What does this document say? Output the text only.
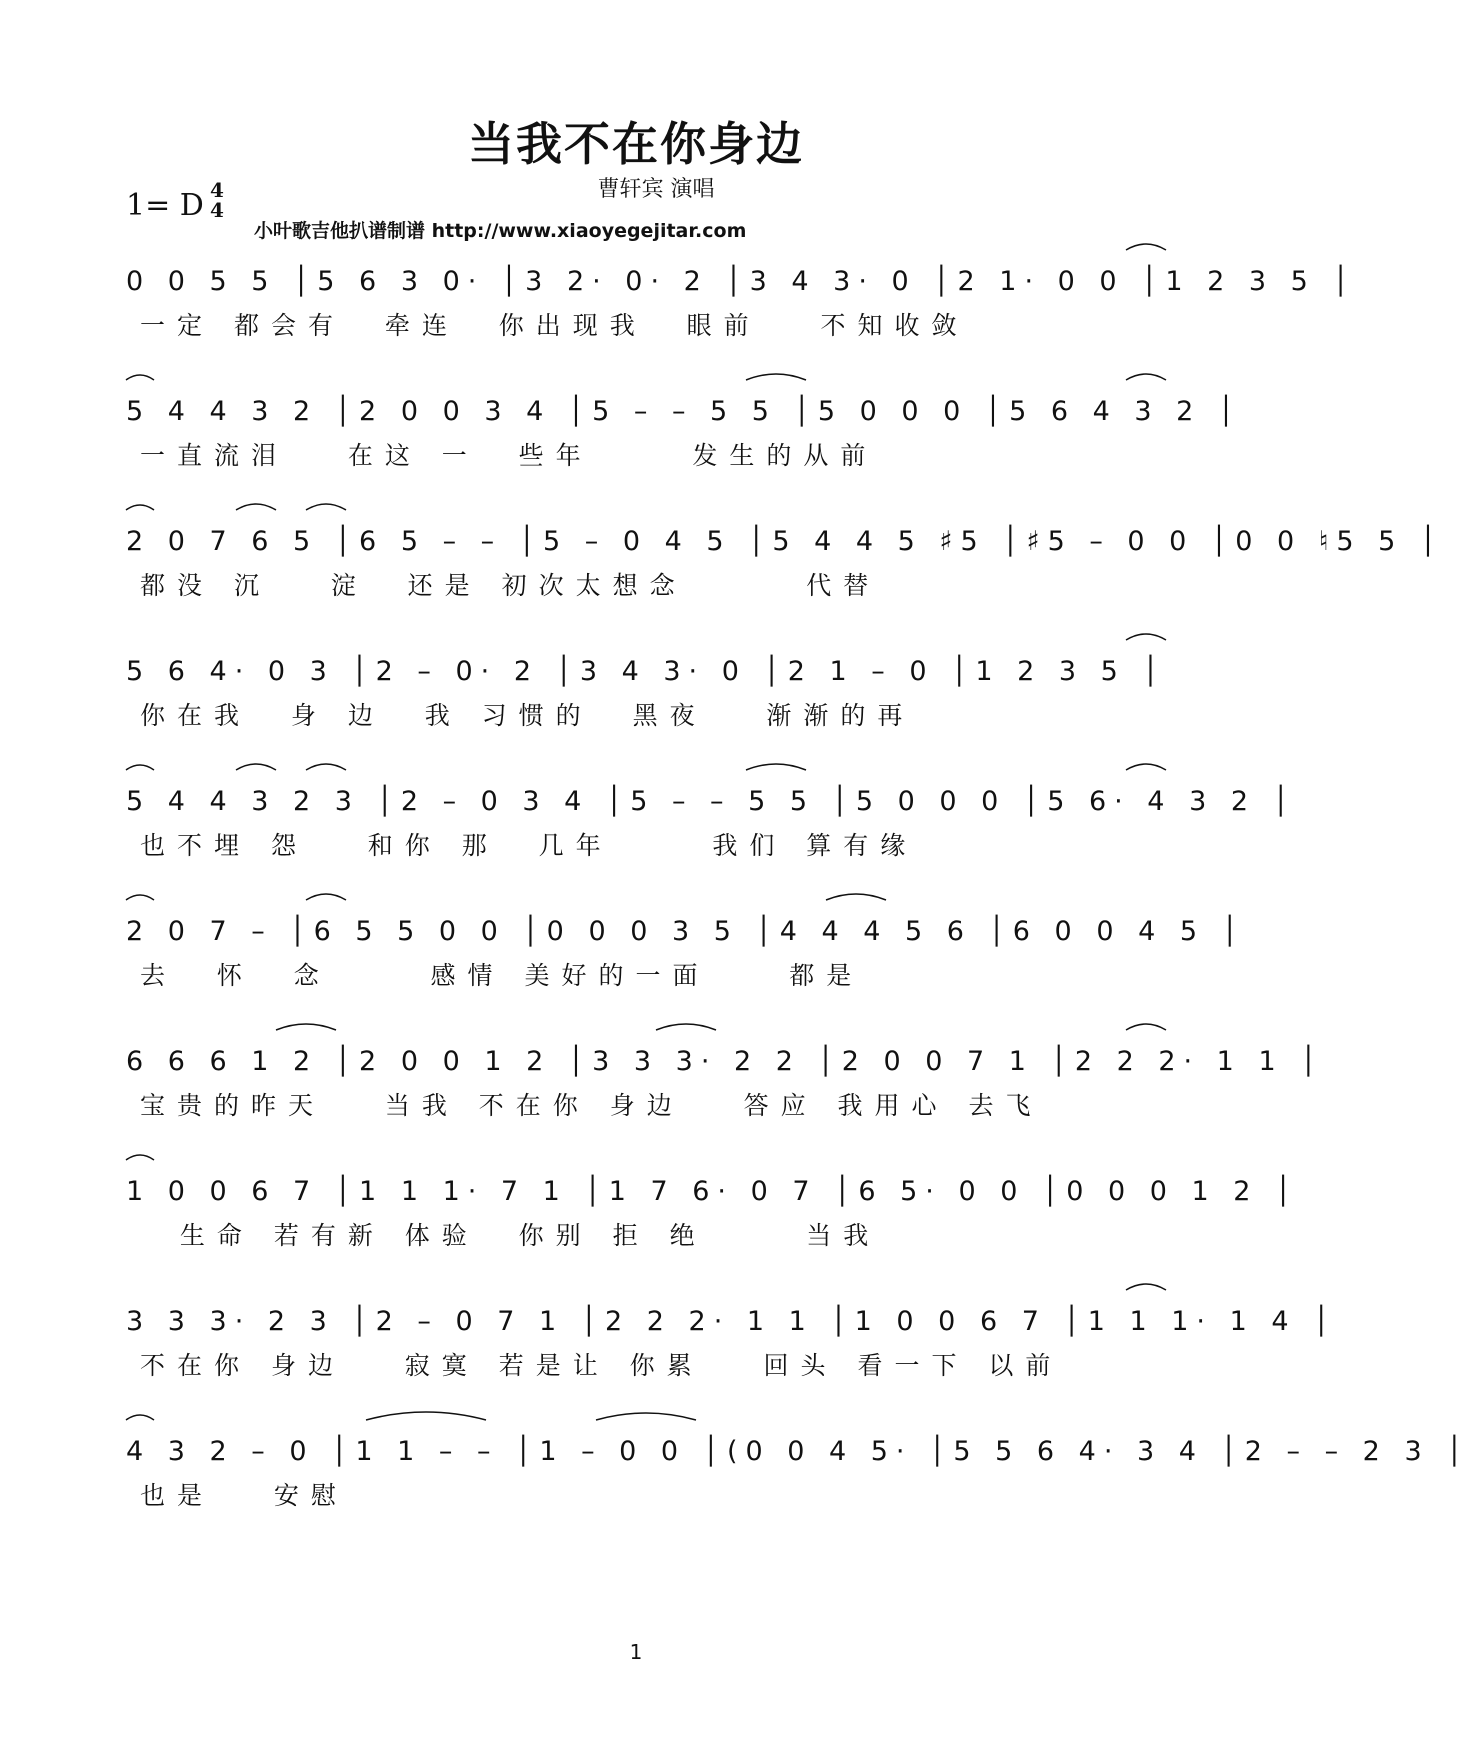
当我不在你身边
曹轩宾 演唱
1= D 4
4
小叶歌吉他扒谱制谱 http://www.xiaoyegejitar.com
0 0 5 5 │5 6 3 0· │3 2· 0· 2 │3 4 3· 0 │2 1· 0 0 │1 2 3 5 │
一定 都会有  牵连  你出现我  眼前   不知收敛
5 4 4 3 2 │2 0 0 3 4 │5 – – 5 5 │5 0 0 0 │5 6 4 3 2 │
一直流泪   在这 一  些年     发生的从前
2 0 7 6 5 │6 5 – – │5 – 0 4 5 │5 4 4 5 ♯5 │♯5 – 0 0 │0 0 ♮5 5 │
都没 沉   淀  还是 初次太想念      代替
5 6 4· 0 3 │2 – 0· 2 │3 4 3· 0 │2 1 – 0 │1 2 3 5 │
你在我  身 边  我 习惯的  黑夜   渐渐的再
5 4 4 3 2 3 │2 – 0 3 4 │5 – – 5 5 │5 0 0 0 │5 6· 4 3 2 │
也不埋 怨   和你 那  几年     我们 算有缘
2 0 7 – │6 5 5 0 0 │0 0 0 3 5 │4 4 4 5 6 │6 0 0 4 5 │
去  怀  念     感情 美好的一面    都是
6 6 6 1 2 │2 0 0 1 2 │3 3 3· 2 2 │2 0 0 7 1 │2 2 2· 1 1 │
宝贵的昨天   当我 不在你 身边   答应 我用心 去飞
1 0 0 6 7 │1 1 1· 7 1 │1 7 6· 0 7 │6 5· 0 0 │0 0 0 1 2 │
生命 若有新 体验  你别 拒 绝     当我
3 3 3· 2 3 │2 – 0 7 1 │2 2 2· 1 1 │1 0 0 6 7 │1 1 1· 1 4 │
不在你 身边   寂寞 若是让 你累   回头 看一下 以前
4 3 2 – 0 │1 1 – – │1 – 0 0 │(0 0 4 5· │5 5 6 4· 3 4 │2 – – 2 3 │
也是   安慰
1
